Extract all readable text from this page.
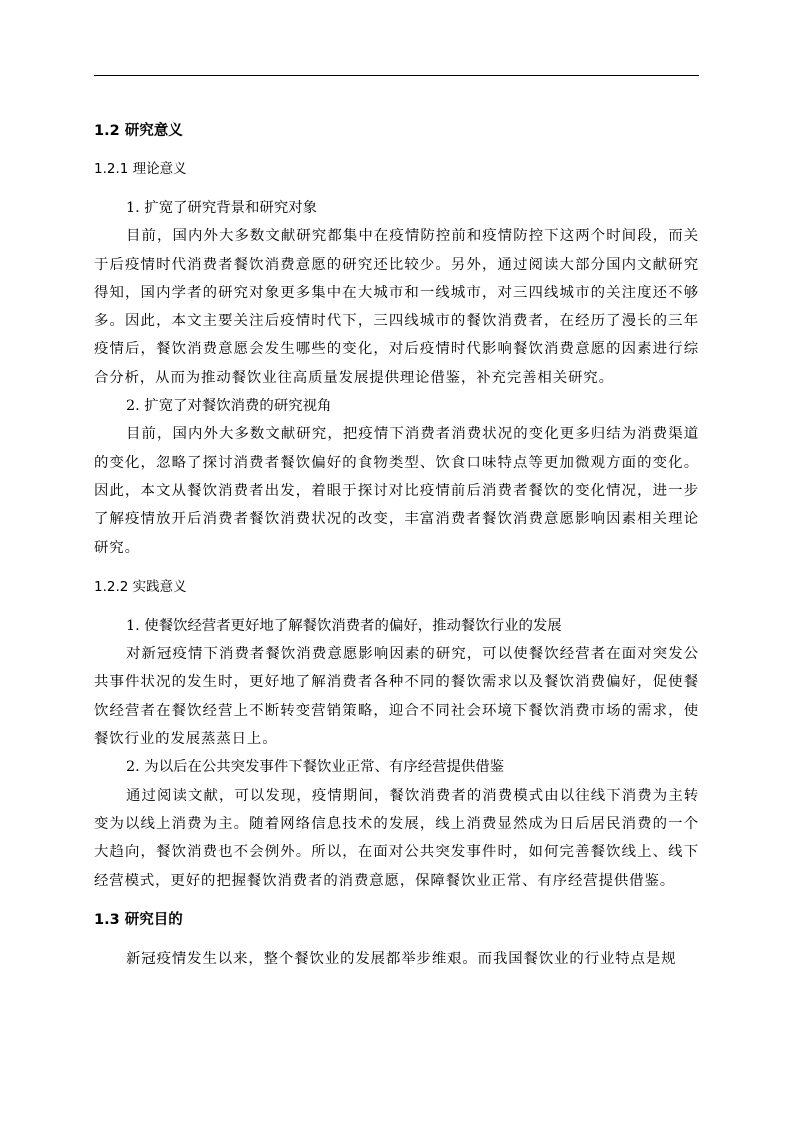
1.2 研究意义
1.2.1 理论意义

1. 扩宽了研究背景和研究对象

目前，国内外大多数文献研究都集中在疫情防控前和疫情防控下这两个时间段，而关于后疫情时代消费者餐饮消费意愿的研究还比较少。另外，通过阅读大部分国内文献研究得知，国内学者的研究对象更多集中在大城市和一线城市，对三四线城市的关注度还不够多。因此，本文主要关注后疫情时代下，三四线城市的餐饮消费者，在经历了漫长的三年疫情后，餐饮消费意愿会发生哪些的变化，对后疫情时代影响餐饮消费意愿的因素进行综合分析，从而为推动餐饮业往高质量发展提供理论借鉴，补充完善相关研究。

2. 扩宽了对餐饮消费的研究视角

目前，国内外大多数文献研究，把疫情下消费者消费状况的变化更多归结为消费渠道的变化，忽略了探讨消费者餐饮偏好的食物类型、饮食口味特点等更加微观方面的变化。因此，本文从餐饮消费者出发，着眼于探讨对比疫情前后消费者餐饮的变化情况，进一步了解疫情放开后消费者餐饮消费状况的改变，丰富消费者餐饮消费意愿影响因素相关理论研究。

1.2.2 实践意义

1. 使餐饮经营者更好地了解餐饮消费者的偏好，推动餐饮行业的发展

对新冠疫情下消费者餐饮消费意愿影响因素的研究，可以使餐饮经营者在面对突发公共事件状况的发生时，更好地了解消费者各种不同的餐饮需求以及餐饮消费偏好，促使餐饮经营者在餐饮经营上不断转变营销策略，迎合不同社会环境下餐饮消费市场的需求，使餐饮行业的发展蒸蒸日上。

2. 为以后在公共突发事件下餐饮业正常、有序经营提供借鉴

通过阅读文献，可以发现，疫情期间，餐饮消费者的消费模式由以往线下消费为主转变为以线上消费为主。随着网络信息技术的发展，线上消费显然成为日后居民消费的一个大趋向，餐饮消费也不会例外。所以，在面对公共突发事件时，如何完善餐饮线上、线下经营模式，更好的把握餐饮消费者的消费意愿，保障餐饮业正常、有序经营提供借鉴。

1.3 研究目的

新冠疫情发生以来，整个餐饮业的发展都举步维艰。而我国餐饮业的行业特点是规
